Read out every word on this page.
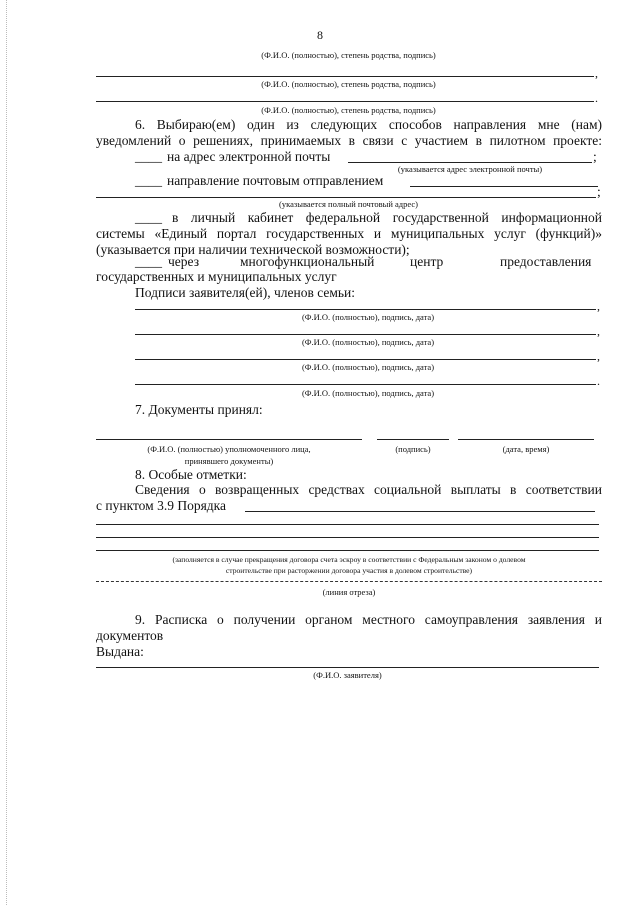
8
(Ф.И.О. (полностью), степень родства, подпись)
,
(Ф.И.О. (полностью), степень родства, подпись)
.
(Ф.И.О. (полностью), степень родства, подпись)
6. Выбираю(ем) один из следующих способов направления мне (нам)
уведомлений о решениях, принимаемых в связи с участием в пилотном проекте:
____ на адрес электронной почты	;
(указывается адрес электронной почты)
____ направление почтовым отправлением
;
(указывается полный почтовый адрес)
____ в личный кабинет федеральной государственной информационной
системы «Единый портал государственных и муниципальных услуг (функций)»
(указывается при наличии технической возможности);
____ через	многофункциональный	центр	предоставления
государственных и муниципальных услуг
Подписи заявителя(ей), членов семьи:
,
(Ф.И.О. (полностью), подпись, дата)
,
(Ф.И.О. (полностью), подпись, дата)
,
(Ф.И.О. (полностью), подпись, дата)
.
(Ф.И.О. (полностью), подпись, дата)
7. Документы принял:
(Ф.И.О. (полностью) уполномоченного лица,
принявшего документы)
(подпись)	(дата, время)
8. Особые отметки:
Сведения о возвращенных средствах социальной выплаты в соответствии
с пунктом 3.9 Порядка
(заполняется в случае прекращения договора счета эскроу в соответствии с Федеральным законом о долевом
строительстве при расторжении договора участия в долевом строительстве)
(линия отреза)
9. Расписка о получении органом местного самоуправления заявления и
документов
Выдана:
(Ф.И.О. заявителя)
